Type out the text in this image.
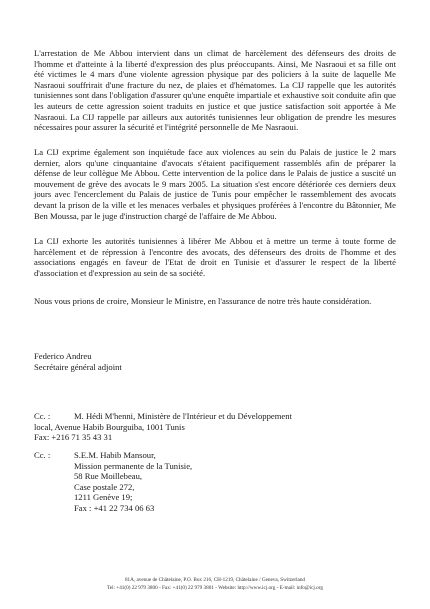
L'arrestation de Me Abbou intervient dans un climat de harcèlement des défenseurs des droits de l'homme et d'atteinte à la liberté d'expression des plus préoccupants. Ainsi, Me Nasraoui et sa fille ont été victimes le 4 mars d'une violente agression physique par des policiers à la suite de laquelle Me Nasraoui souffrirait d'une fracture du nez, de plaies et d'hématomes. La CIJ rappelle que les autorités tunisiennes sont dans l'obligation d'assurer qu'une enquête impartiale et exhaustive soit conduite afin que les auteurs de cette agression soient traduits en justice et que justice satisfaction soit apportée à Me Nasraoui. La CIJ rappelle par ailleurs aux autorités tunisiennes leur obligation de prendre les mesures nécessaires pour assurer la sécurité et l'intégrité personnelle de Me Nasraoui.

La CIJ exprime également son inquiétude face aux violences au sein du Palais de justice le 2 mars dernier, alors qu'une cinquantaine d'avocats s'étaient pacifiquement rassemblés afin de préparer la défense de leur collègue Me Abbou. Cette intervention de la police dans le Palais de justice a suscité un mouvement de grève des avocats le 9 mars 2005. La situation s'est encore détériorée ces derniers deux jours avec l'encerclement du Palais de justice de Tunis pour empêcher le rassemblement des avocats devant la prison de la ville et les menaces verbales et physiques proférées à l'encontre du Bâtonnier, Me Ben Moussa, par le juge d'instruction chargé de l'affaire de Me Abbou.

La CIJ exhorte les autorités tunisiennes à libérer Me Abbou et à mettre un terme à toute forme de harcèlement et de répression à l'encontre des avocats, des défenseurs des droits de l'homme et des associations engagés en faveur de l'Etat de droit en Tunisie et d'assurer le respect de la liberté d'association et d'expression au sein de sa société.

Nous vous prions de croire, Monsieur le Ministre, en l'assurance de notre très haute considération.

Federico Andreu
Secrétaire général adjoint
Cc. :	M. Hédi M'henni, Ministère de l'Intérieur et du Développement
local, Avenue Habib Bourguiba, 1001 Tunis
Fax: +216 71 35 43 31
Cc. :	S.E.M. Habib Mansour,
Mission permanente de la Tunisie,
58 Rue Moillebeau,
Case postale 272,
1211 Genève 19;
Fax : +41 22 734 06 63
81A, avenue de Châtelaine, P.O. Box 216, CH-1219, Châtelaine / Geneva, Switzerland
Tel: +41(0) 22 979 3800 - Fax: +41(0) 22 979 3801 - Website: http://www.icj.org - E-mail: info@icj.org
